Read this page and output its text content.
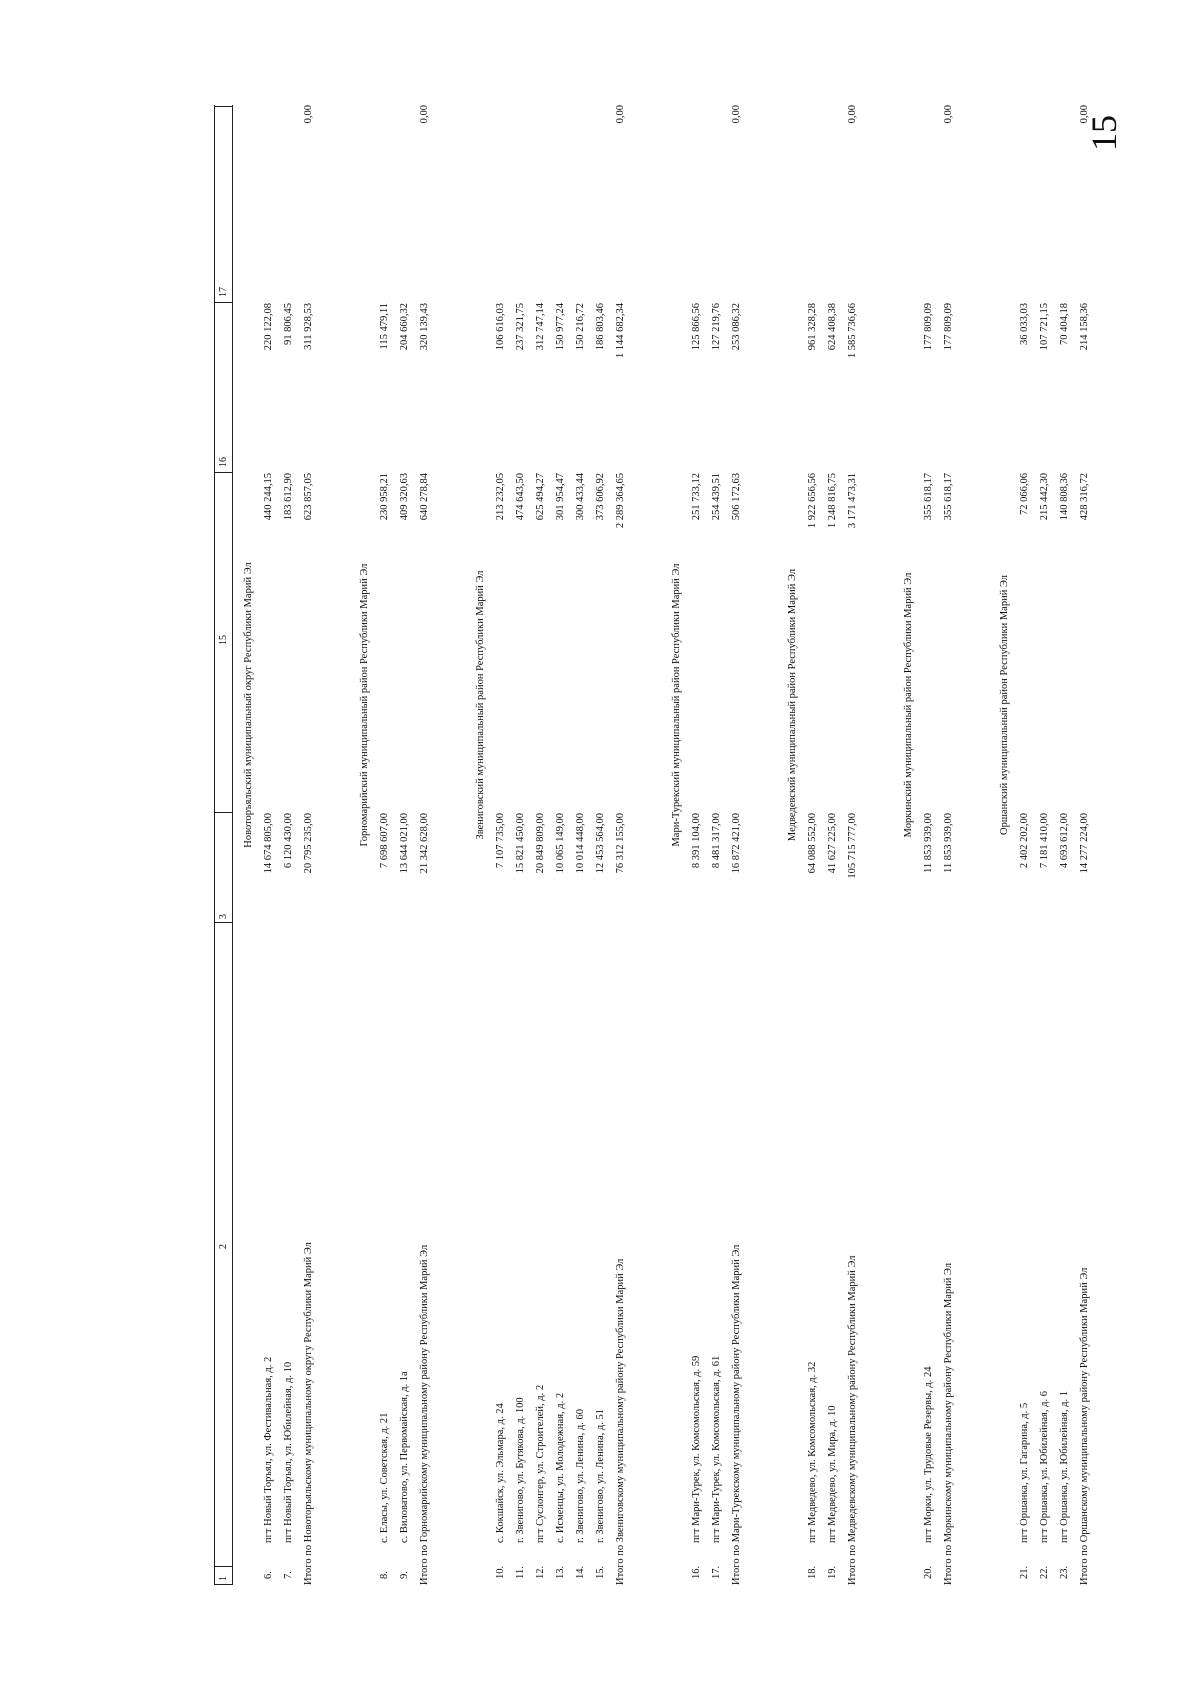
15
1
2
3
15
16
17
Новоторъяльский муниципальный округ Республики Марий Эл
6.
пгт Новый Торъял, ул. Фестивальная, д. 2
14 674 805,00
440 244,15
220 122,08
7.
пгт Новый Торъял, ул. Юбилейная, д. 10
6 120 430,00
183 612,90
91 806,45
Итого по Новоторъяльскому муниципальному округу Республики Марий Эл
20 795 235,00
623 857,05
311 928,53
0,00
Горномарийский муниципальный район Республики Марий Эл
8.
с. Еласы, ул. Советская, д. 21
7 698 607,00
230 958,21
115 479,11
9.
с. Виловатово, ул. Первомайская, д. 1а
13 644 021,00
409 320,63
204 660,32
Итого по Горномарийскому муниципальному району Республики Марий Эл
21 342 628,00
640 278,84
320 139,43
0,00
Звениговский муниципальный район Республики Марий Эл
10.
с. Кокшайск, ул. Эльмара, д. 24
7 107 735,00
213 232,05
106 616,03
11.
г. Звенигово, ул. Бутякова, д. 100
15 821 450,00
474 643,50
237 321,75
12.
пгт Суслонгер, ул. Строителей, д. 2
20 849 809,00
625 494,27
312 747,14
13.
с. Исменцы, ул. Молодежная, д. 2
10 065 149,00
301 954,47
150 977,24
14.
г. Звенигово, ул. Ленина, д. 60
10 014 448,00
300 433,44
150 216,72
15.
г. Звенигово, ул. Ленина, д. 51
12 453 564,00
373 606,92
186 803,46
Итого по Звениговскому муниципальному району Республики Марий Эл
76 312 155,00
2 289 364,65
1 144 682,34
0,00
Мари-Турекский муниципальный район Республики Марий Эл
16.
пгт Мари-Турек, ул. Комсомольская, д. 59
8 391 104,00
251 733,12
125 866,56
17.
пгт Мари-Турек, ул. Комсомольская, д. 61
8 481 317,00
254 439,51
127 219,76
Итого по Мари-Турекскому муниципальному району Республики Марий Эл
16 872 421,00
506 172,63
253 086,32
0,00
Медведевский муниципальный район Республики Марий Эл
18.
пгт Медведево, ул. Комсомольская, д. 32
64 088 552,00
1 922 656,56
961 328,28
19.
пгт Медведево, ул. Мира, д. 10
41 627 225,00
1 248 816,75
624 408,38
Итого по Медведевскому муниципальному району Республики Марий Эл
105 715 777,00
3 171 473,31
1 585 736,66
0,00
Моркинский муниципальный район Республики Марий Эл
20.
пгт Морки, ул. Трудовые Резервы, д. 24
11 853 939,00
355 618,17
177 809,09
Итого по Моркинскому муниципальному району Республики Марий Эл
11 853 939,00
355 618,17
177 809,09
0,00
Оршанский муниципальный район Республики Марий Эл
21.
пгт Оршанка, ул. Гагарина, д. 5
2 402 202,00
72 066,06
36 033,03
22.
пгт Оршанка, ул. Юбилейная, д. 6
7 181 410,00
215 442,30
107 721,15
23.
пгт Оршанка, ул. Юбилейная, д. 1
4 693 612,00
140 808,36
70 404,18
Итого по Оршанскому муниципальному району Республики Марий Эл
14 277 224,00
428 316,72
214 158,36
0,00
